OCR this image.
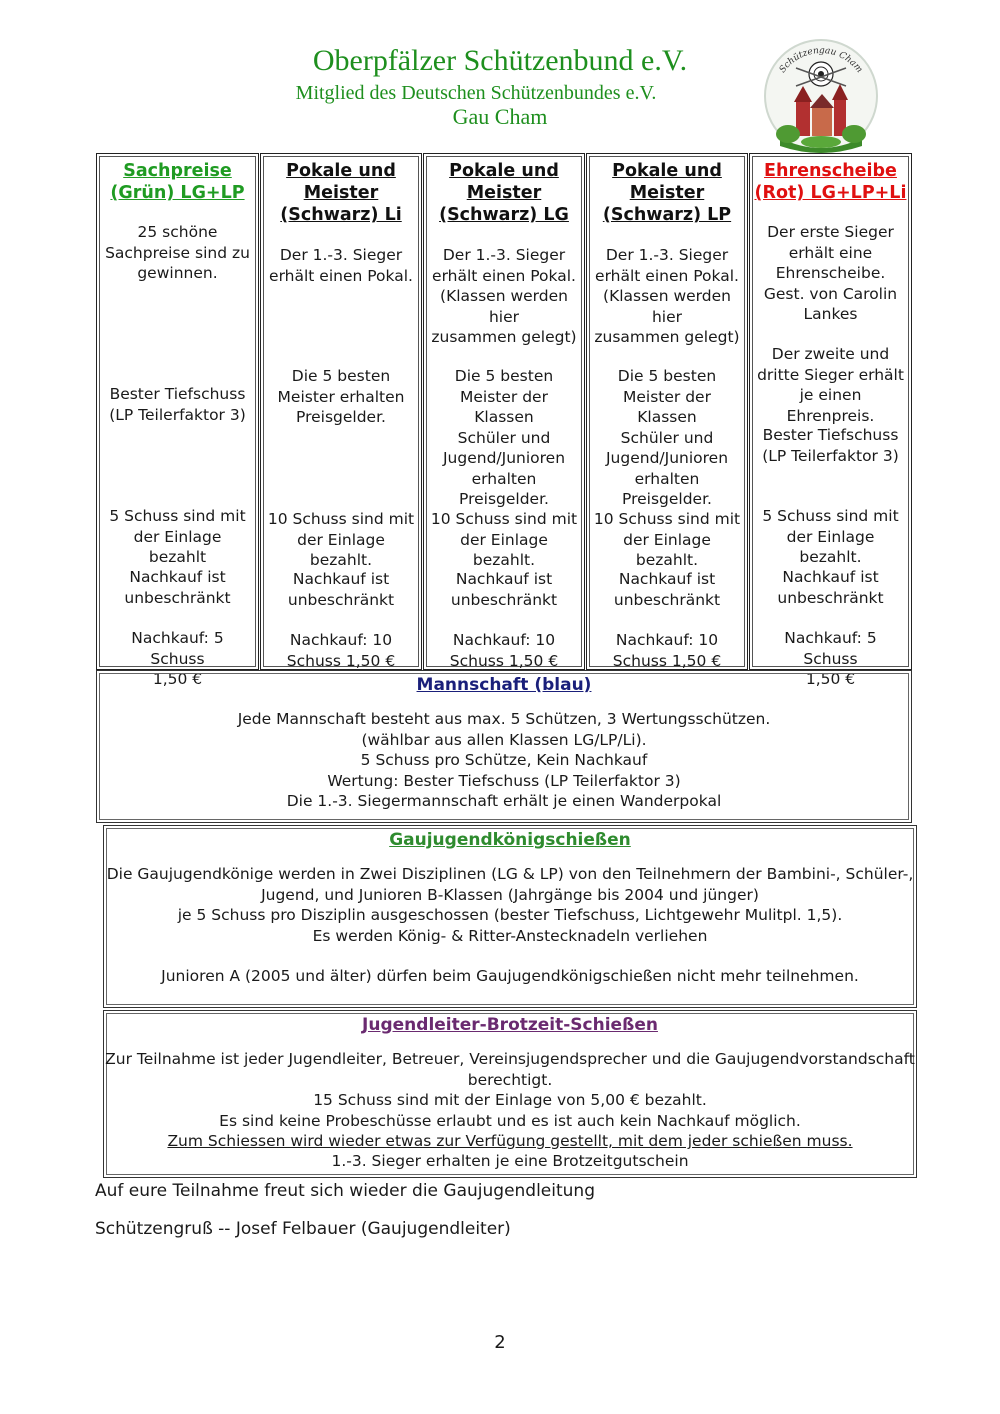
Oberpfälzer Schützenbund e.V.
Mitglied des Deutschen Schützenbundes e.V.
Gau Cham
Schützengau Cham
Sachpreise
(Grün) LG+LP
25 schöne
Sachpreise sind zu
gewinnen.
Bester Tiefschuss
(LP Teilerfaktor 3)
5 Schuss sind mit
der Einlage bezahlt
Nachkauf ist
unbeschränkt
Nachkauf: 5 Schuss
1,50 €
Pokale und
Meister
(Schwarz) Li
Der 1.-3. Sieger
erhält einen Pokal.
Die 5 besten
Meister erhalten
Preisgelder.
10 Schuss sind mit
der Einlage bezahlt.
Nachkauf ist
unbeschränkt
Nachkauf: 10
Schuss 1,50 €
Pokale und
Meister
(Schwarz) LG
Der 1.-3. Sieger
erhält einen Pokal.
(Klassen werden
hier
zusammen gelegt)
Die 5 besten
Meister der Klassen
Schüler und
Jugend/Junioren
erhalten
Preisgelder.
10 Schuss sind mit
der Einlage bezahlt.
Nachkauf ist
unbeschränkt
Nachkauf: 10
Schuss 1,50 €
Pokale und
Meister
(Schwarz) LP
Der 1.-3. Sieger
erhält einen Pokal.
(Klassen werden
hier
zusammen gelegt)
Die 5 besten
Meister der Klassen
Schüler und
Jugend/Junioren
erhalten
Preisgelder.
10 Schuss sind mit
der Einlage bezahlt.
Nachkauf ist
unbeschränkt
Nachkauf: 10
Schuss 1,50 €
Ehrenscheibe
(Rot) LG+LP+Li
Der erste Sieger
erhält eine
Ehrenscheibe.
Gest. von Carolin
Lankes
Der zweite und
dritte Sieger erhält
je einen Ehrenpreis.
Bester Tiefschuss
(LP Teilerfaktor 3)
5 Schuss sind mit
der Einlage bezahlt.
Nachkauf ist
unbeschränkt
Nachkauf: 5 Schuss
1,50 €
Mannschaft (blau)
Jede Mannschaft besteht aus max. 5 Schützen, 3 Wertungsschützen.
(wählbar aus allen Klassen LG/LP/Li).
5 Schuss pro Schütze, Kein Nachkauf
Wertung: Bester Tiefschuss (LP Teilerfaktor 3)
Die 1.-3. Siegermannschaft erhält je einen Wanderpokal
Gaujugendkönigschießen
Die Gaujugendkönige werden in Zwei Disziplinen (LG & LP) von den Teilnehmern der Bambini-, Schüler-,
Jugend, und Junioren B-Klassen (Jahrgänge bis 2004 und jünger)
je 5 Schuss pro Disziplin ausgeschossen (bester Tiefschuss, Lichtgewehr Mulitpl. 1,5).
Es werden König- & Ritter-Anstecknadeln verliehen
Junioren A (2005 und älter) dürfen beim Gaujugendkönigschießen nicht mehr teilnehmen.
Jugendleiter-Brotzeit-Schießen
Zur Teilnahme ist jeder Jugendleiter, Betreuer, Vereinsjugendsprecher und die Gaujugendvorstandschaft
berechtigt.
15 Schuss sind mit der Einlage von 5,00 € bezahlt.
Es sind keine Probeschüsse erlaubt und es ist auch kein Nachkauf möglich.
Zum Schiessen wird wieder etwas zur Verfügung gestellt, mit dem jeder schießen muss.
1.-3. Sieger erhalten je eine Brotzeitgutschein
Auf eure Teilnahme freut sich wieder die Gaujugendleitung
Schützengruß -- Josef Felbauer (Gaujugendleiter)
2
